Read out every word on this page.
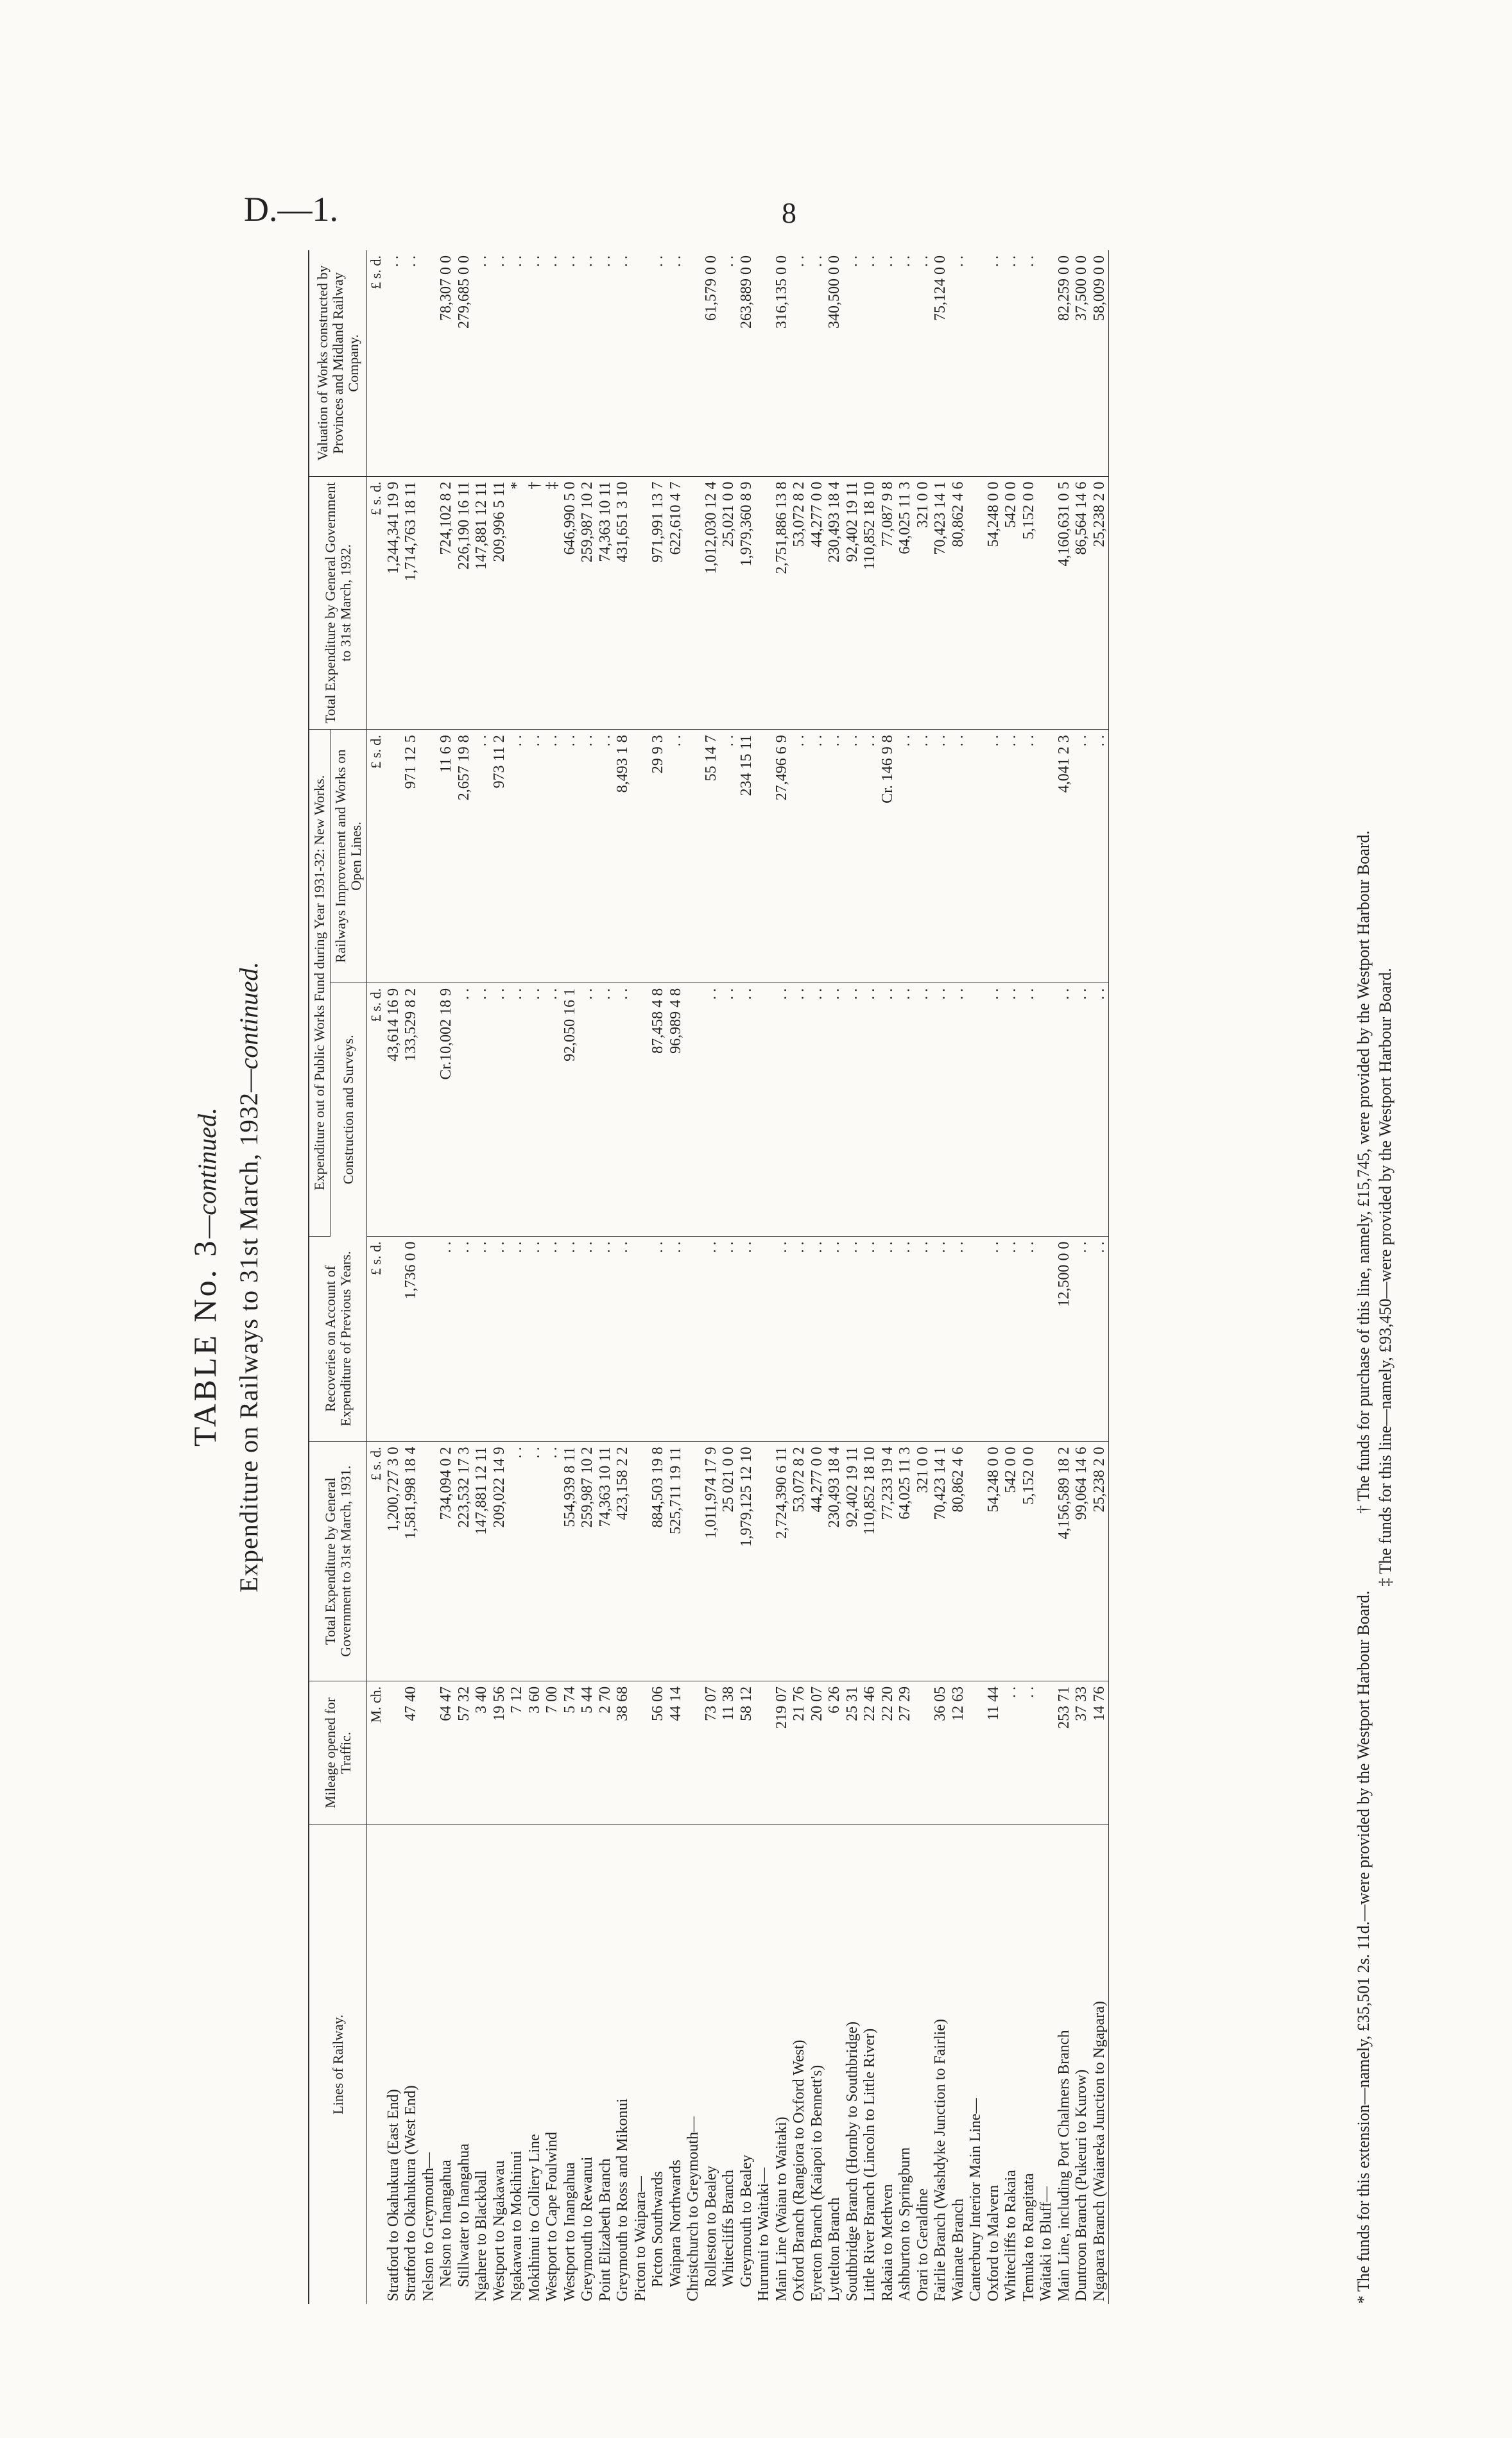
D.—1.	8
TABLE No. 3—continued. Expenditure on Railways to 31st March, 1932—continued.
Lines of Railway.	Mileage opened for Traffic.	Total Expenditure by General Government to 31st March, 1931.	Recoveries on Account of Expenditure of Previous Years.	Expenditure out of Public Works Fund during Year 1931-32: New Works.		Total Expenditure by General Government to 31st March, 1932.	Valuation of Works constructed by Provinces and Midland Railway Company.
				Construction and Surveys.	Railways Improvement and Works on Open Lines.		
	M. ch.	£ s. d.	£ s. d.	£ s. d.	£ s. d.	£ s. d.	£ s. d.
Stratford to Okahukura (East End)		1,200,727 3 0		43,614 16 9		1,244,341 19 9	. .
Stratford to Okahukura (West End)	47 40	1,581,998 18 4	1,736 0 0	133,529 8 2	971 12 5	1,714,763 18 11	. .
Nelson to Greymouth—							
Nelson to Inangahua	64 47	734,094 0 2	. .	Cr.10,002 18 9	11 6 9	724,102 8 2	78,307 0 0
Stillwater to Inangahua	57 32	223,532 17 3	. .	. .	2,657 19 8	226,190 16 11	279,685 0 0
Ngahere to Blackball	3 40	147,881 12 11	. .	. .	. .	147,881 12 11	. .
Westport to Ngakawau	19 56	209,022 14 9	. .	. .	973 11 2	209,996 5 11	. .
Ngakawau to Mokihinui	7 12	. .	. .	. .	. .	*	. .
Mokihinui to Colliery Line	3 60	. .	. .	. .	. .	†	. .
Westport to Cape Foulwind	7 00	. .	. .	. .	. .	‡	. .
Westport to Inangahua	5 74	554,939 8 11	. .	92,050 16 1	. .	646,990 5 0	. .
Greymouth to Rewanui	5 44	259,987 10 2	. .	. .	. .	259,987 10 2	. .
Point Elizabeth Branch	2 70	74,363 10 11	. .	. .	. .	74,363 10 11	. .
Greymouth to Ross and Mikonui	38 68	423,158 2 2	. .	. .	8,493 1 8	431,651 3 10	. .
Picton to Waipara—							
Picton Southwards	56 06	884,503 19 8	. .	87,458 4 8	29 9 3	971,991 13 7	. .
Waipara Northwards	44 14	525,711 19 11	. .	96,989 4 8	. .	622,610 4 7	. .
Christchurch to Greymouth—							
Rolleston to Bealey	73 07	1,011,974 17 9	. .	. .	55 14 7	1,012,030 12 4	61,579 0 0
Whitecliffs Branch	11 38	25 021 0 0	. .	. .	. .	25,021 0 0	. .
Greymouth to Bealey	58 12	1,979,125 12 10	. .	. .	234 15 11	1,979,360 8 9	263,889 0 0
Hurunui to Waitaki—							
Main Line (Waiau to Waitaki)	219 07	2,724,390 6 11	. .	. .	27,496 6 9	2,751,886 13 8	316,135 0 0
Oxford Branch (Rangiora to Oxford West)	21 76	53,072 8 2	. .	. .	. .	53,072 8 2	. .
Eyreton Branch (Kaiapoi to Bennett's)	20 07	44,277 0 0	. .	. .	. .	44,277 0 0	. .
Lyttelton Branch	6 26	230,493 18 4	. .	. .	. .	230,493 18 4	340,500 0 0
Southbridge Branch (Hornby to Southbridge)	25 31	92,402 19 11	. .	. .	. .	92,402 19 11	. .
Little River Branch (Lincoln to Little River)	22 46	110,852 18 10	. .	. .	. .	110,852 18 10	. .
Rakaia to Methven	22 20	77,233 19 4	. .	. .	Cr. 146 9 8	77,087 9 8	. .
Ashburton to Springburn	27 29	64,025 11 3	. .	. .	. .	64,025 11 3	. .
Orari to Geraldine		321 0 0	. .	. .	. .	321 0 0	. .
Fairlie Branch (Washdyke Junction to Fairlie)	36 05	70,423 14 1	. .	. .	. .	70,423 14 1	75,124 0 0
Waimate Branch	12 63	80,862 4 6	. .	. .	. .	80,862 4 6	. .
Canterbury Interior Main Line—							
Oxford to Malvern	11 44	54,248 0 0	. .	. .	. .	54,248 0 0	. .
Whitecliffs to Rakaia	. .	542 0 0	. .	. .	. .	542 0 0	. .
Temuka to Rangitata	. .	5,152 0 0	. .	. .	. .	5,152 0 0	. .
Waitaki to Bluff—							
Main Line, including Port Chalmers Branch	253 71	4,156,589 18 2	12,500 0 0	. .	4,041 2 3	4,160,631 0 5	82,259 0 0
Duntroon Branch (Pukeuri to Kurow)	37 33	99,064 14 6	. .	. .	. .	86,564 14 6	37,500 0 0
Ngapara Branch (Waiareka Junction to Ngapara)	14 76	25,238 2 0	. .	. .	. .	25,238 2 0	58,009 0 0
* The funds for this extension—namely, £35,501 2s. 11d.—were provided by the Westport Harbour Board.† The funds for purchase of this line, namely, £15,745, were provided by the Westport Harbour Board. ‡ The funds for this line—namely, £93,450—were provided by the Westport Harbour Board.
